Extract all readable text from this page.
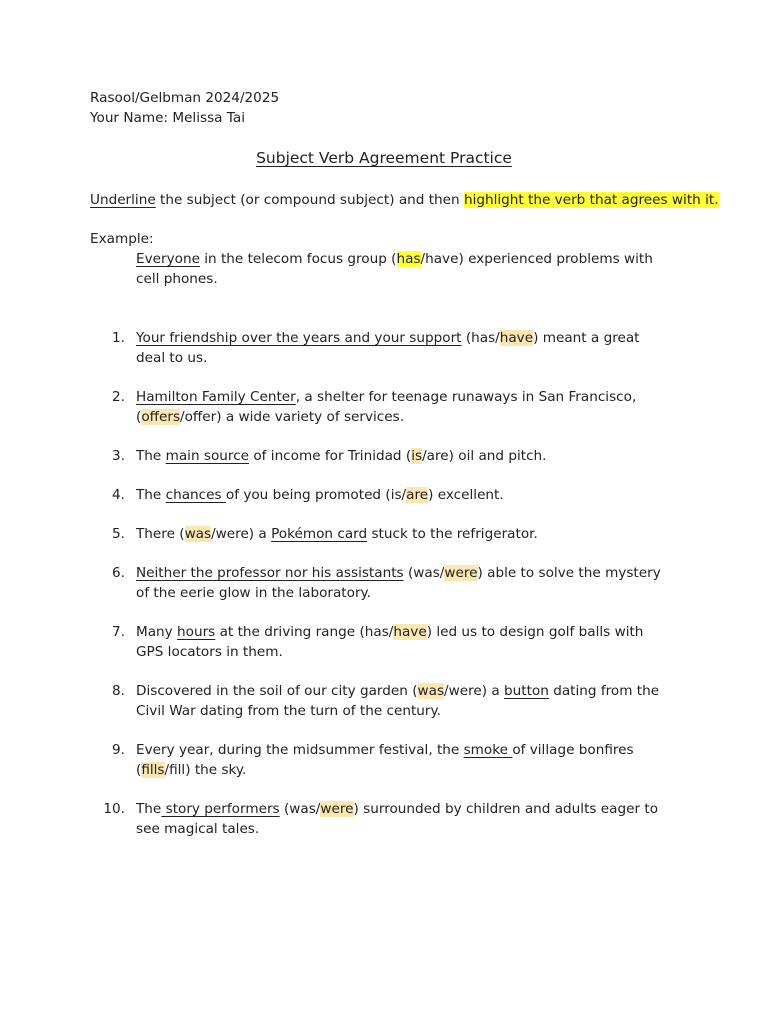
Rasool/Gelbman 2024/2025
Your Name: Melissa Tai
Subject Verb Agreement Practice
Underline the subject (or compound subject) and then highlight the verb that agrees with it.
Example:
Everyone in the telecom focus group (has/have) experienced problems with
cell phones.
1. Your friendship over the years and your support (has/have) meant a great
deal to us.
2. Hamilton Family Center, a shelter for teenage runaways in San Francisco,
(offers/offer) a wide variety of services.
3. The main source of income for Trinidad (is/are) oil and pitch.
4. The chances of you being promoted (is/are) excellent.
5. There (was/were) a Pokémon card stuck to the refrigerator.
6. Neither the professor nor his assistants (was/were) able to solve the mystery
of the eerie glow in the laboratory.
7. Many hours at the driving range (has/have) led us to design golf balls with
GPS locators in them.
8. Discovered in the soil of our city garden (was/were) a button dating from the
Civil War dating from the turn of the century.
9. Every year, during the midsummer festival, the smoke of village bonfires
(fills/fill) the sky.
10. The story performers (was/were) surrounded by children and adults eager to
see magical tales.
